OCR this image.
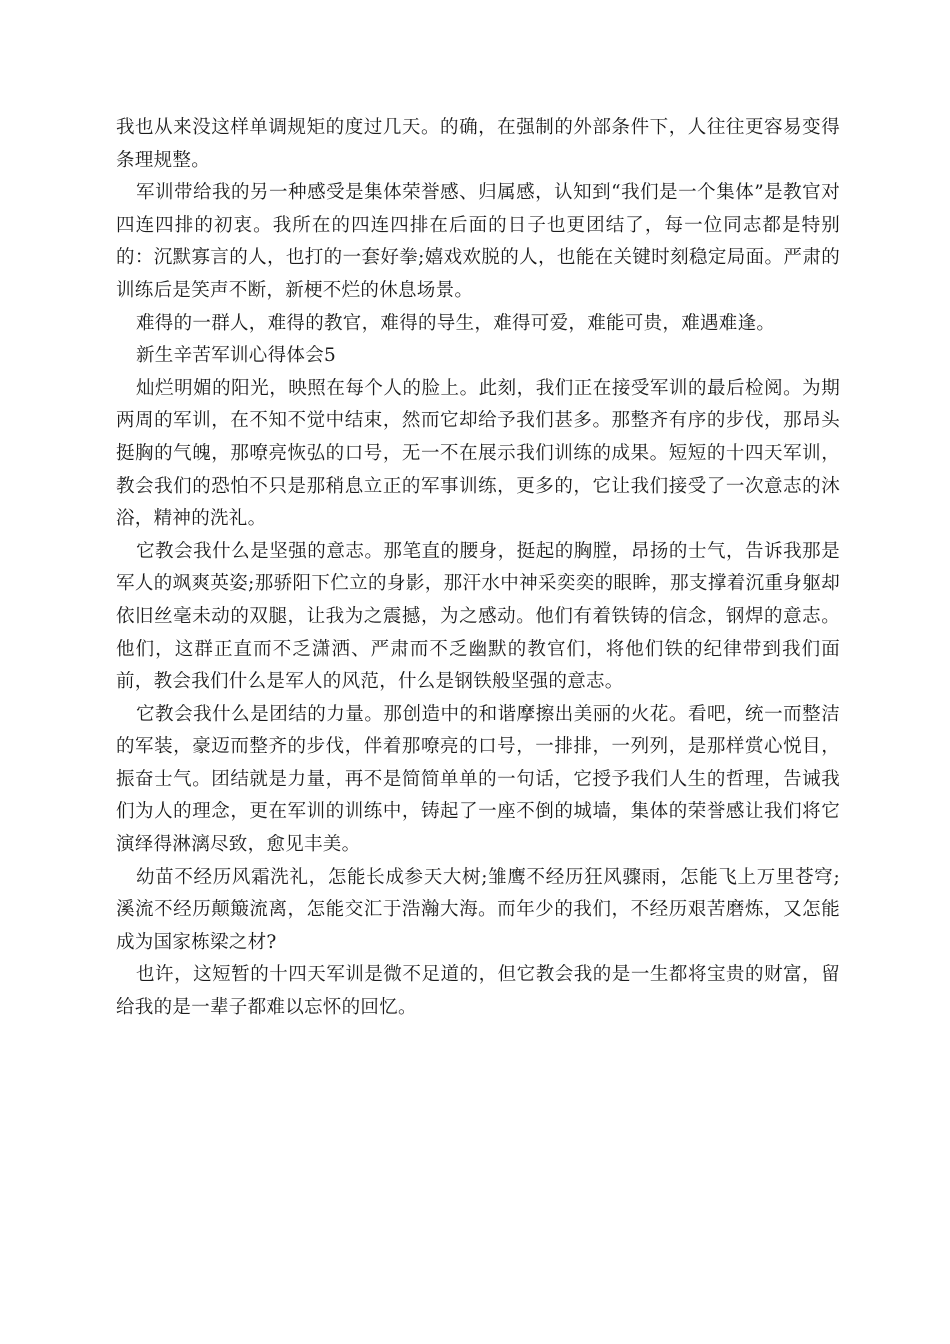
我也从来没这样单调规矩的度过几天。的确，在强制的外部条件下，人往往更容易变得条理规整。

军训带给我的另一种感受是集体荣誉感、归属感，认知到“我们是一个集体”是教官对四连四排的初衷。我所在的四连四排在后面的日子也更团结了，每一位同志都是特别的：沉默寡言的人，也打的一套好拳;嬉戏欢脱的人，也能在关键时刻稳定局面。严肃的训练后是笑声不断，新梗不烂的休息场景。

难得的一群人，难得的教官，难得的导生，难得可爱，难能可贵，难遇难逢。

新生辛苦军训心得体会5

灿烂明媚的阳光，映照在每个人的脸上。此刻，我们正在接受军训的最后检阅。为期两周的军训，在不知不觉中结束，然而它却给予我们甚多。那整齐有序的步伐，那昂头挺胸的气魄，那嘹亮恢弘的口号，无一不在展示我们训练的成果。短短的十四天军训，教会我们的恐怕不只是那稍息立正的军事训练，更多的，它让我们接受了一次意志的沐浴，精神的洗礼。

它教会我什么是坚强的意志。那笔直的腰身，挺起的胸膛，昂扬的士气，告诉我那是军人的飒爽英姿;那骄阳下伫立的身影，那汗水中神采奕奕的眼眸，那支撑着沉重身躯却依旧丝毫未动的双腿，让我为之震撼，为之感动。他们有着铁铸的信念，钢焊的意志。他们，这群正直而不乏潇洒、严肃而不乏幽默的教官们，将他们铁的纪律带到我们面前，教会我们什么是军人的风范，什么是钢铁般坚强的意志。

它教会我什么是团结的力量。那创造中的和谐摩擦出美丽的火花。看吧，统一而整洁的军装，豪迈而整齐的步伐，伴着那嘹亮的口号，一排排，一列列，是那样赏心悦目，振奋士气。团结就是力量，再不是简简单单的一句话，它授予我们人生的哲理，告诫我们为人的理念，更在军训的训练中，铸起了一座不倒的城墙，集体的荣誉感让我们将它演绎得淋漓尽致，愈见丰美。

幼苗不经历风霜洗礼，怎能长成参天大树;雏鹰不经历狂风骤雨，怎能飞上万里苍穹;溪流不经历颠簸流离，怎能交汇于浩瀚大海。而年少的我们，不经历艰苦磨炼，又怎能成为国家栋梁之材?

也许，这短暂的十四天军训是微不足道的，但它教会我的是一生都将宝贵的财富，留给我的是一辈子都难以忘怀的回忆。
